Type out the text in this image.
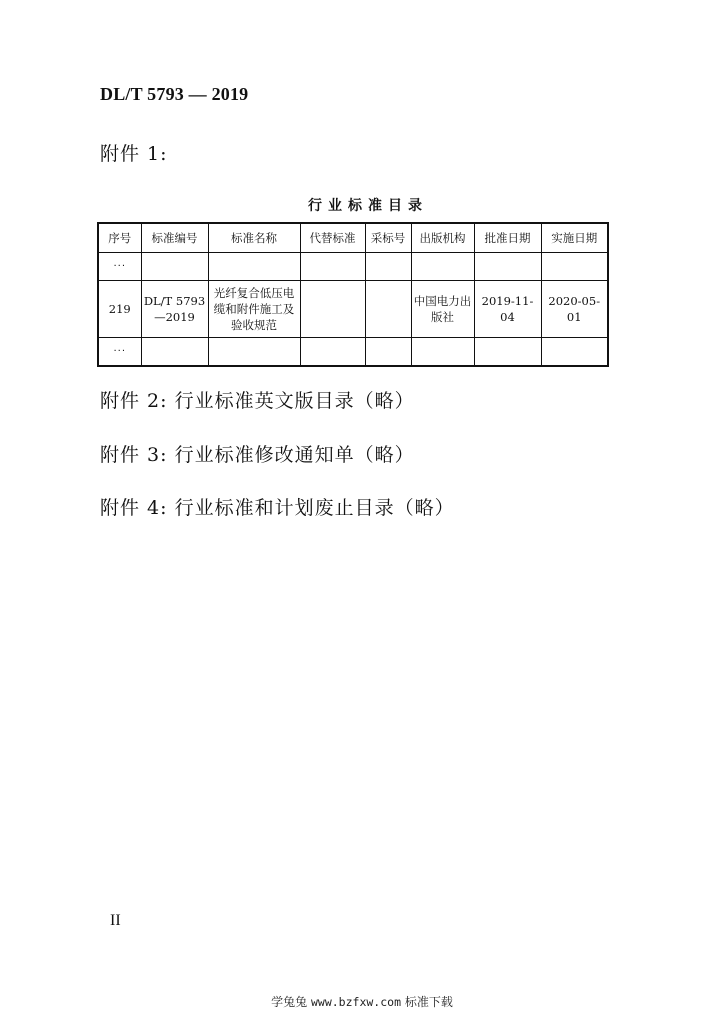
DL/T 5793 — 2019
附件 1:
行业标准目录
序号	标准编号	标准名称	代替标准	采标号	出版机构	批准日期	实施日期
···							
219	DL/T 5793 —2019	光纤复合低压电缆和附件施工及验收规范			中国电力出版社	2019-11-04	2020-05-01
···							
附件 2: 行业标准英文版目录（略）
附件 3: 行业标准修改通知单（略）
附件 4: 行业标准和计划废止目录（略）
II
学兔兔 www.bzfxw.com 标准下载
